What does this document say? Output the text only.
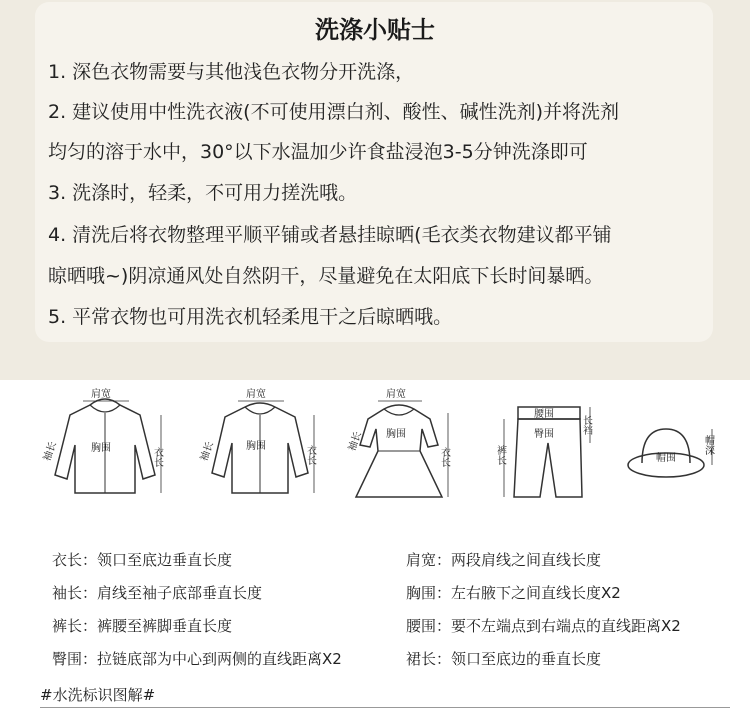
洗涤小贴士
1. 深色衣物需要与其他浅色衣物分开洗涤，
2. 建议使用中性洗衣液(不可使用漂白剂、酸性、碱性洗剂)并将洗剂
均匀的溶于水中，30°以下水温加少许食盐浸泡3-5分钟洗涤即可
3. 洗涤时，轻柔，不可用力搓洗哦。
4. 清洗后将衣物整理平顺平铺或者悬挂晾晒(毛衣类衣物建议都平铺
晾晒哦~)阴凉通风处自然阴干，尽量避免在太阳底下长时间暴晒。
5. 平常衣物也可用洗衣机轻柔甩干之后晾晒哦。
肩宽
胸围
袖长	衣长
肩宽
胸围
袖长	衣长
肩宽
胸围
袖长
衣长
腰围
臀围
裤长
长裆
帽围
帽深
衣长：领口至底边垂直长度
袖长：肩线至袖子底部垂直长度
裤长：裤腰至裤脚垂直长度
臀围：拉链底部为中心到两侧的直线距离X2
肩宽：两段肩线之间直线长度
胸围：左右腋下之间直线长度X2
腰围：要不左端点到右端点的直线距离X2
裙长：领口至底边的垂直长度
#水洗标识图解#
